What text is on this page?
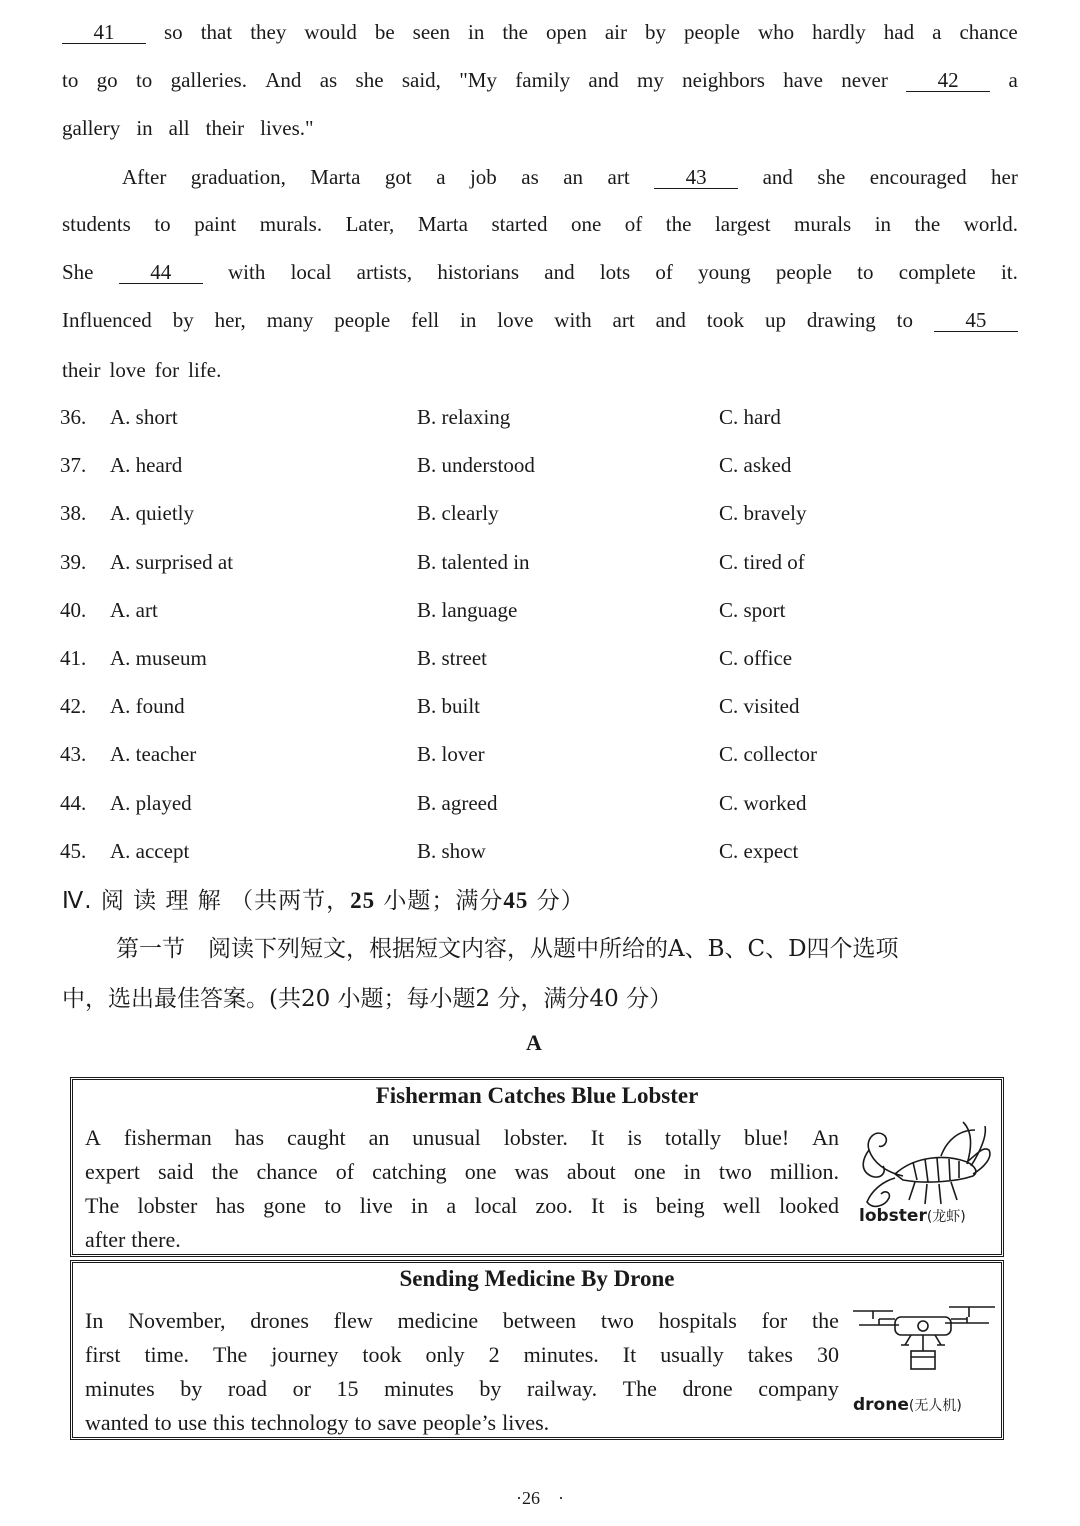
41	so that they would be seen in the open air by people who hardly had a chance
to go to galleries. And as she said, "My family and my neighbors have never	42	a
gallery in all their lives."
After graduation, Marta got a job as an art	43	and she encouraged her
students to paint murals. Later, Marta started one of the largest murals in the world.
She	44	with local artists, historians and lots of young people to complete it.
Influenced by her, many people fell in love with art and took up drawing to	45
their love for life.
36. A. short	B. relaxing	C. hard
37. A. heard	B. understood	C. asked
38. A. quietly	B. clearly	C. bravely
39. A. surprised at	B. talented in	C. tired of
40. A. art	B. language	C. sport
41. A. museum	B. street	C. office
42. A. found	B. built	C. visited
43. A. teacher	B. lover	C. collector
44. A. played	B. agreed	C. worked
45. A. accept	B. show	C. expect
Ⅳ. 阅 读 理 解 （共两节，25 小题；满分45 分）
第一节　阅读下列短文，根据短文内容，从题中所给的A、B、C、D四个选项
中，选出最佳答案。(共20 小题；每小题2 分，满分40 分）
A
Fisherman Catches Blue Lobster
A fisherman has caught an unusual lobster. It is totally blue! An
expert said the chance of catching one was about one in two million.
The lobster has gone to live in a local zoo. It is being well looked
after there.
lobster(龙虾)
Sending Medicine By Drone
In November, drones flew medicine between two hospitals for the
first time. The journey took only 2 minutes. It usually takes 30
minutes by road or 15 minutes by railway. The drone company
wanted to use this technology to save people’s lives.
drone(无人机)
·26　·
